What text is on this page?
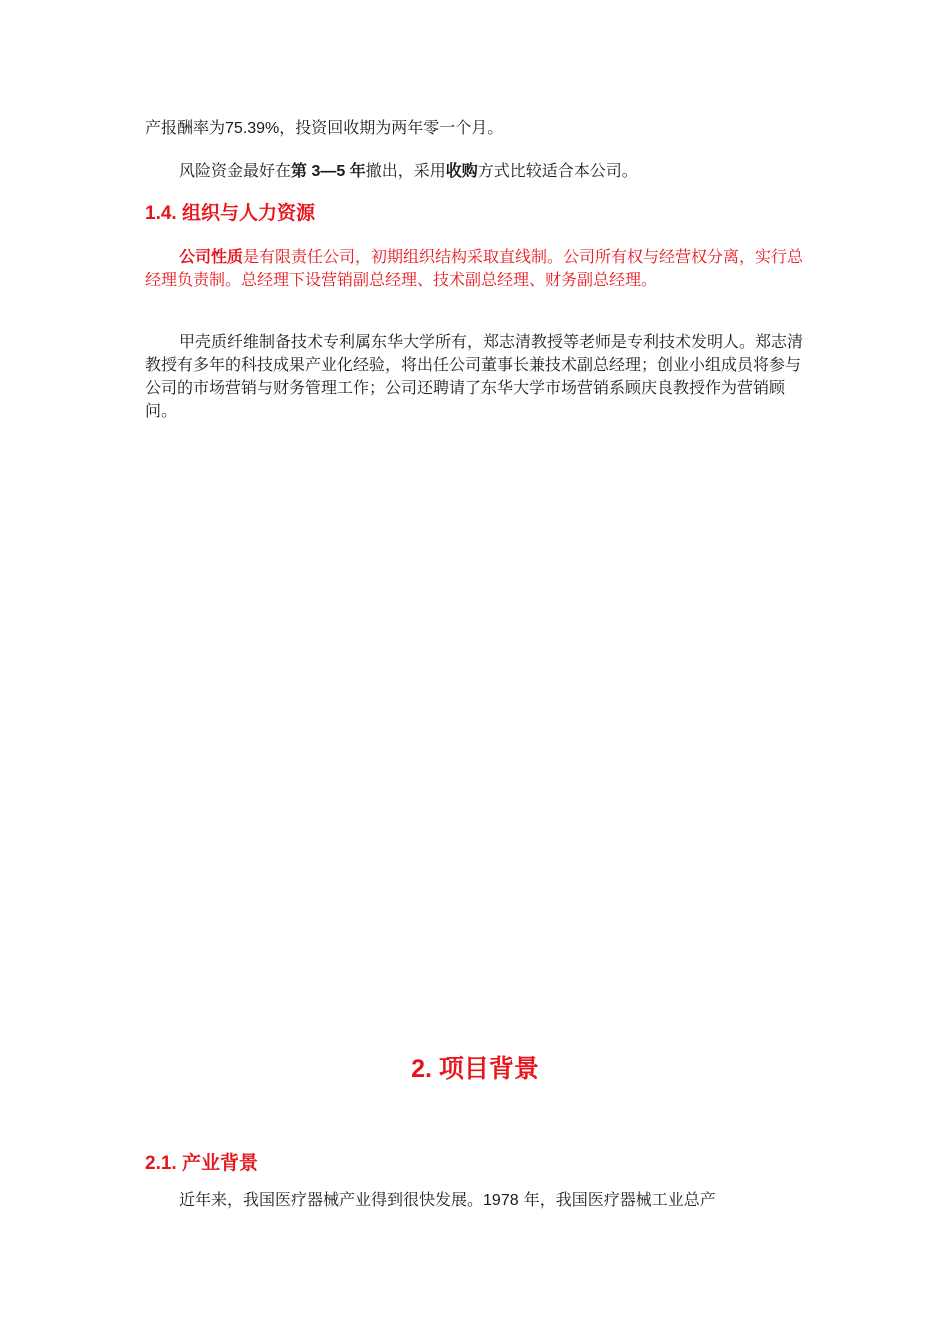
产报酬率为75.39%，投资回收期为两年零一个月。

风险资金最好在第 3—5 年撤出，采用收购方式比较适合本公司。

1.4. 组织与人力资源

公司性质是有限责任公司，初期组织结构采取直线制。公司所有权与经营权分离，实行总经理负责制。总经理下设营销副总经理、技术副总经理、财务副总经理。

甲壳质纤维制备技术专利属东华大学所有，郑志清教授等老师是专利技术发明人。郑志清教授有多年的科技成果产业化经验，将出任公司董事长兼技术副总经理；创业小组成员将参与公司的市场营销与财务管理工作；公司还聘请了东华大学市场营销系顾庆良教授作为营销顾问。

2. 项目背景
2.1. 产业背景

近年来，我国医疗器械产业得到很快发展。1978 年，我国医疗器械工业总产
